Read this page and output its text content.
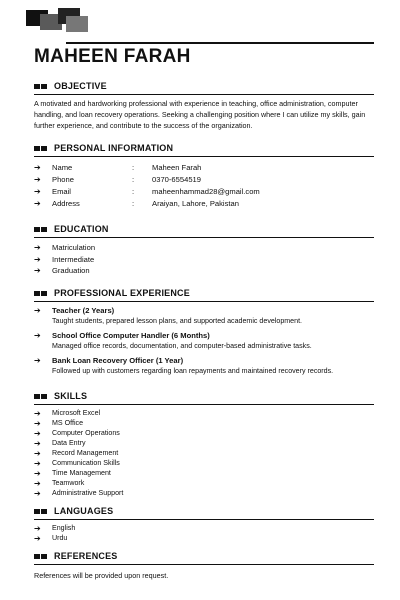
MAHEEN FARAH
OBJECTIVE
A motivated and hardworking professional with experience in teaching, office administration, computer handling, and loan recovery operations. Seeking a challenging position where I can utilize my skills, gain further experience, and contribute to the success of the organization.
PERSONAL INFORMATION
➔	Name	:	Maheen Farah
➔	Phone	:	0370-6554519
➔	Email	:	maheenhammad28@gmail.com
➔	Address	:	Araiyan, Lahore, Pakistan
EDUCATION
➔	Matriculation
➔	Intermediate
➔	Graduation
PROFESSIONAL EXPERIENCE
➔	Teacher (2 Years)
Taught students, prepared lesson plans, and supported academic development.
➔	School Office Computer Handler (6 Months)
Managed office records, documentation, and computer-based administrative tasks.
➔	Bank Loan Recovery Officer (1 Year)
Followed up with customers regarding loan repayments and maintained recovery records.
SKILLS
➔	Microsoft Excel
➔	MS Office
➔	Computer Operations
➔	Data Entry
➔	Record Management
➔	Communication Skills
➔	Time Management
➔	Teamwork
➔	Administrative Support
LANGUAGES
➔	English
➔	Urdu
REFERENCES
References will be provided upon request.
